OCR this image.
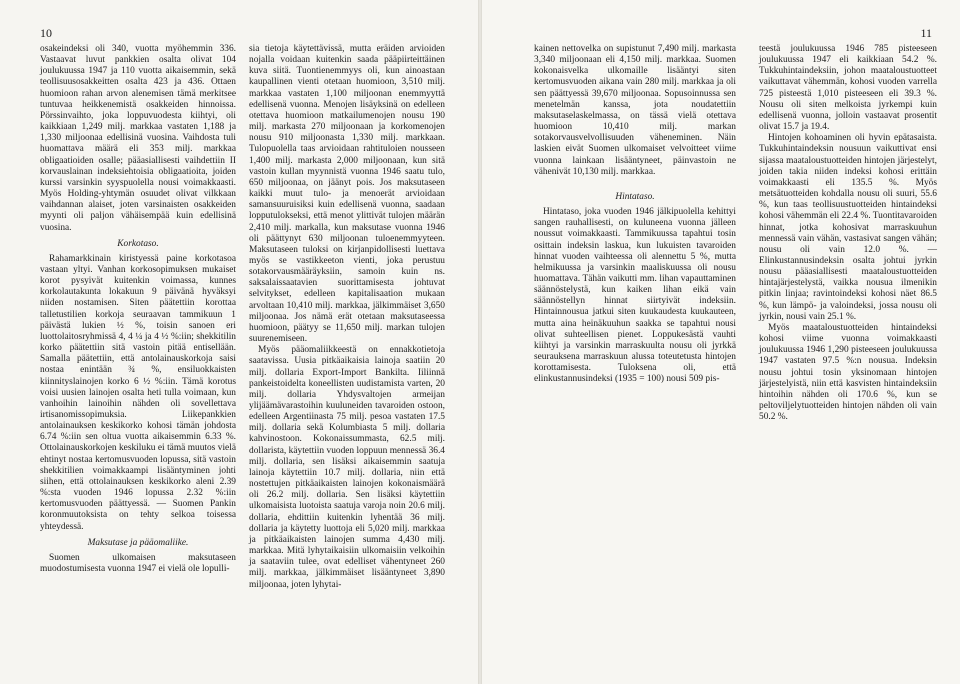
10

osakeindeksi oli 340, vuotta myöhemmin 336. Vastaavat luvut pankkien osalta olivat 104 joulukuussa 1947 ja 110 vuotta aikaisemmin, sekä teollisuusosakkeitten osalta 423 ja 436. Ottaen huomioon rahan arvon alenemisen tämä merkitsee tuntuvaa heikkenemistä osakkeiden hinnoissa. Pörssinvaihto, joka loppuvuodesta kiihtyi, oli kaikkiaan 1,249 milj. markkaa vastaten 1,188 ja 1,330 miljoonaa edellisinä vuosina. Vaihdosta tuli huomattava määrä eli 353 milj. markkaa obligaatioiden osalle; pääasiallisesti vaihdettiin II korvauslainan indeksiehtoisia obligaatioita, joiden kurssi varsinkin syyspuolella nousi voimakkaasti. Myös Holding-yhtymän osuudet olivat vilkkaan vaihdannan alaiset, joten varsinaisten osakkeiden myynti oli paljon vähäisempää kuin edellisinä vuosina.

Korkotaso.

Rahamarkkinain kiristyessä paine korkotasoa vastaan yltyi. Vanhan korkosopimuksen mukaiset korot pysyivät kuitenkin voimassa, kunnes korkolautakunta lokakuun 9 päivänä hyväksyi niiden nostamisen. Siten päätettiin korottaa talletustilien korkoja seuraavan tammikuun 1 päivästä lukien ½ %, toisin sanoen eri luottolaitosryhmissä 4, 4 ¼ ja 4 ½ %:iin; shekkitilin korko päätettiin sitä vastoin pitää entisellään. Samalla päätettiin, että antolainauskorkoja saisi nostaa enintään ¾ %, ensiluokkaisten kiinnityslainojen korko 6 ½ %:iin. Tämä korotus voisi uusien lainojen osalta heti tulla voimaan, kun vanhoihin lainoihin nähden oli sovellettava irtisanomissopimuksia. Liikepankkien antolainauksen keskikorko kohosi tämän johdosta 6.74 %:iin sen oltua vuotta aikaisemmin 6.33 %. Ottolainauskorkojen keskiluku ei tämä muutos vielä ehtinyt nostaa kertomusvuoden lopussa, sitä vastoin shekkitilien voimakkaampi lisääntyminen johti siihen, että ottolainauksen keskikorko aleni 2.39 %:sta vuoden 1946 lopussa 2.32 %:iin kertomusvuoden päättyessä. — Suomen Pankin koronmuutoksista on tehty selkoa toisessa yhteydessä.

Maksutase ja pääomaliike.

Suomen ulkomaisen maksutaseen muodostumisesta vuonna 1947 ei vielä ole lopulli-

sia tietoja käytettävissä, mutta eräiden arvioiden nojalla voidaan kuitenkin saada pääpiirteittäinen kuva siitä. Tuontienemmyys oli, kun ainoastaan kaupallinen vienti otetaan huomioon, 3,510 milj. markkaa vastaten 1,100 miljoonan enemmyyttä edellisenä vuonna. Menojen lisäyksinä on edelleen otettava huomioon matkailumenojen nousu 190 milj. markasta 270 miljoonaan ja korkomenojen nousu 910 miljoonasta 1,330 milj. markkaan. Tulopuolella taas arvioidaan rahtituloien nousseen 1,400 milj. markasta 2,000 miljoonaan, kun sitä vastoin kullan myynnistä vuonna 1946 saatu tulo, 650 miljoonaa, on jäänyt pois. Jos maksutaseen kaikki muut tulo- ja menoerät arvioidaan samansuuruisiksi kuin edellisenä vuonna, saadaan lopputulokseksi, että menot ylittivät tulojen määrän 2,410 milj. markalla, kun maksutase vuonna 1946 oli päättynyt 630 miljoonan tuloenemmyyteen. Maksutaseen tuloksi on kirjanpidollisesti luettava myös se vastikkeeton vienti, joka perustuu sotakorvausmääräyksiin, samoin kuin ns. saksalaissaatavien suorittamisesta johtuvat selvitykset, edelleen kapitalisaation mukaan arvoltaan 10,410 milj. markkaa, jälkimmäiset 3,650 miljoonaa. Jos nämä erät otetaan maksutaseessa huomioon, päätyy se 11,650 milj. markan tulojen suurenemiseen.

Myös pääomaliikkeestä on ennakkotietoja saatavissa. Uusia pitkäaikaisia lainoja saatiin 20 milj. dollaria Export-Import Bankilta. Iiliinnä pankeistoidelta koneellisten uudistamista varten, 20 milj. dollaria Yhdysvaltojen armeijan ylijäämävarastoihin kuuluneiden tavaroiden ostoon, edelleen Argentiinasta 75 milj. pesoa vastaten 17.5 milj. dollaria sekä Kolumbiasta 5 milj. dollaria kahvinostoon. Kokonaissummasta, 62.5 milj. dollarista, käytettiin vuoden loppuun mennessä 36.4 milj. dollaria, sen lisäksi aikaisemmin saatuja lainoja käytettiin 10.7 milj. dollaria, niin että nostettujen pitkäaikaisten lainojen kokonaismäärä oli 26.2 milj. dollaria. Sen lisäksi käytettiin ulkomaisista luotoista saatuja varoja noin 20.6 milj. dollaria, ehdittiin kuitenkin lyhentää 36 milj. dollaria ja käytetty luottoja eli 5,020 milj. markkaa ja pitkäaikaisten lainojen summa 4,430 milj. markkaa. Mitä lyhytaikaisiin ulkomaisiin velkoihin ja saataviin tulee, ovat edelliset vähentyneet 260 milj. markkaa, jälkimmäiset lisääntyneet 3,890 miljoonaa, joten lyhytai-

11

kainen nettovelka on supistunut 7,490 milj. markasta 3,340 miljoonaan eli 4,150 milj. markkaa. Suomen kokonaisvelka ulkomaille lisääntyi siten kertomusvuoden aikana vain 280 milj. markkaa ja oli sen päättyessä 39,670 miljoonaa. Sopusoinnussa sen menetelmän kanssa, jota noudatettiin maksutaselaskelmassa, on tässä vielä otettava huomioon 10,410 milj. markan sotakorvausvelvollisuuden väheneminen. Näin laskien eivät Suomen ulkomaiset velvoitteet viime vuonna lainkaan lisääntyneet, päinvastoin ne vähenivät 10,130 milj. markkaa.

Hintataso.

Hintataso, joka vuoden 1946 jälkipuolella kehittyi sangen rauhallisesti, on kuluneena vuonna jälleen noussut voimakkaasti. Tammikuussa tapahtui tosin osittain indeksin laskua, kun lukuisten tavaroiden hinnat vuoden vaihteessa oli alennettu 5 %, mutta helmikuussa ja varsinkin maaliskuussa oli nousu huomattava. Tähän vaikutti mm. lihan vapauttaminen säännöstelystä, kun kaiken lihan eikä vain säännöstellyn hinnat siirtyivät indeksiin. Hintainnousua jatkui siten kuukaudesta kuukauteen, mutta aina heinäkuuhun saakka se tapahtui nousi olivat suhteellisen pienet. Loppukesästä vauhti kiihtyi ja varsinkin marraskuulta nousu oli jyrkkä seurauksena marraskuun alussa toteutetusta hintojen korottamisesta. Tuloksena oli, että elinkustannusindeksi (1935 = 100) nousi 509 pis-

teestä joulukuussa 1946 785 pisteeseen joulukuussa 1947 eli kaikkiaan 54.2 %. Tukkuhintaindeksiin, johon maataloustuotteet vaikuttavat vähemmän, kohosi vuoden varrella 725 pisteestä 1,010 pisteeseen eli 39.3 %. Nousu oli siten melkoista jyrkempi kuin edellisenä vuonna, jolloin vastaavat prosentit olivat 15.7 ja 19.4.

Hintojen kohoaminen oli hyvin epätasaista. Tukkuhintaindeksin nousuun vaikuttivat ensi sijassa maataloustuotteiden hintojen järjestelyt, joiden takia niiden indeksi kohosi erittäin voimakkaasti eli 135.5 %. Myös metsätuotteiden kohdalla nousu oli suuri, 55.6 %, kun taas teollisuustuotteiden hintaindeksi kohosi vähemmän eli 22.4 %. Tuontitavaroiden hinnat, jotka kohosivat marraskuuhun mennessä vain vähän, vastasivat sangen vähän; nousu oli vain 12.0 %. — Elinkustannusindeksin osalta johtui jyrkin nousu pääasiallisesti maataloustuotteiden hintajärjestelystä, vaikka nousua ilmenikin pitkin linjaa; ravintoindeksi kohosi näet 86.5 %, kun lämpö- ja valoindeksi, jossa nousu oli jyrkin, nousi vain 25.1 %.

Myös maataloustuotteiden hintaindeksi kohosi viime vuonna voimakkaasti joulukuussa 1946 1,290 pisteeseen joulukuussa 1947 vastaten 97.5 %:n nousua. Indeksin nousu johtui tosin yksinomaan hintojen järjestelyistä, niin että kasvisten hintaindeksiin hintoihin nähden oli 170.6 %, kun se peltoviljelytuotteiden hintojen nähden oli vain 50.2 %.
